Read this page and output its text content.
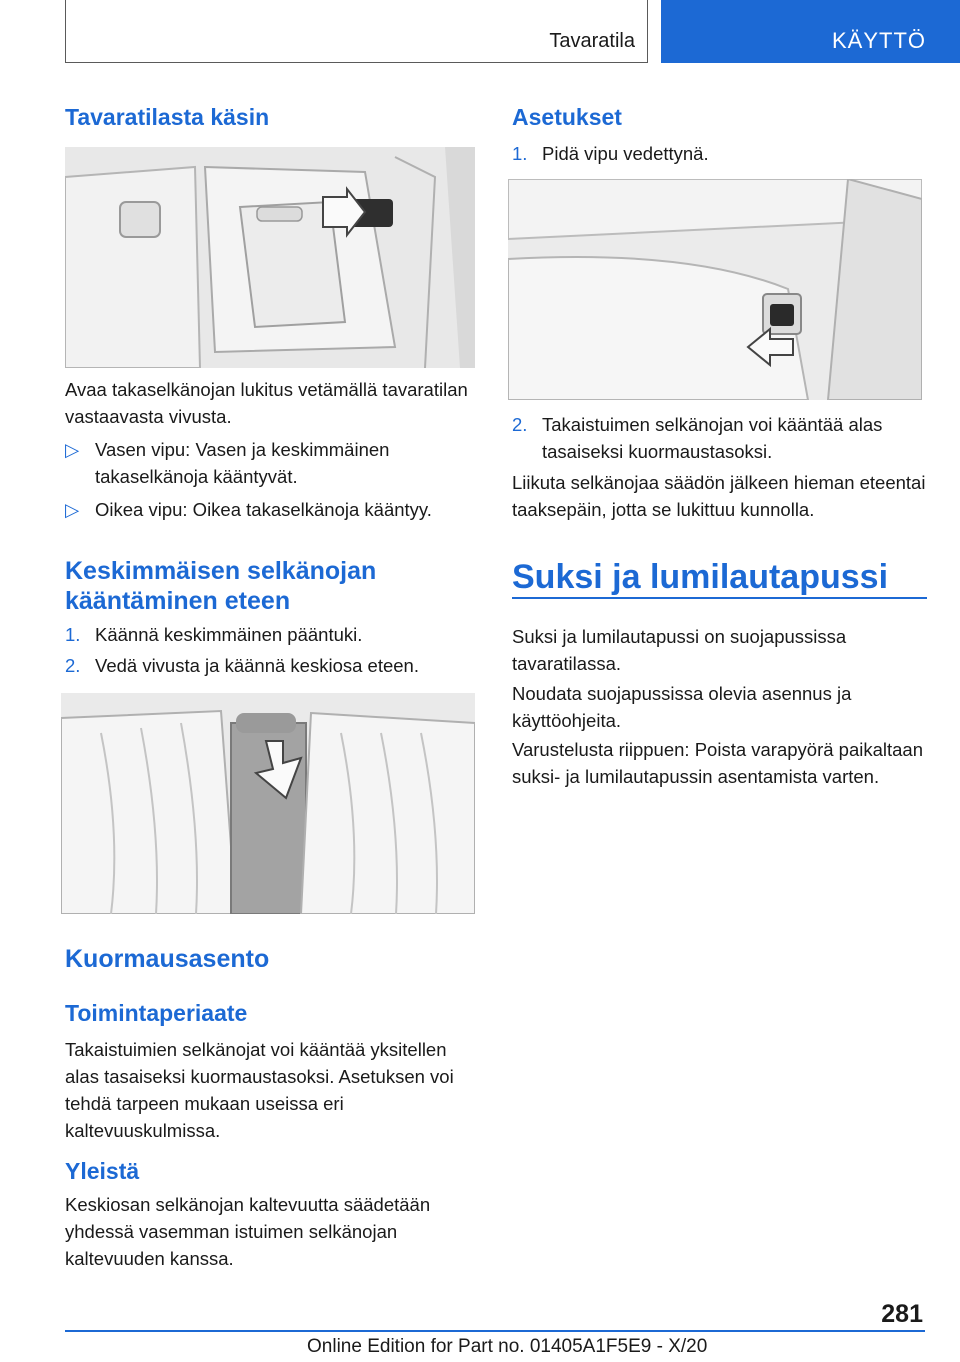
Tavaratila	KÄYTTÖ
Tavaratilasta käsin

Avaa takaselkänojan lukitus vetämällä tavaratilan vastaavasta vivusta.

▷ Vasen vipu: Vasen ja keskimmäinen takaselkänoja kääntyvät.
▷ Oikea vipu: Oikea takaselkänoja kääntyy.
Keskimmäisen selkänojan kääntäminen eteen
1. Käännä keskimmäinen pääntuki.
2. Vedä vivusta ja käännä keskiosa eteen.
Kuormausasento
Toimintaperiaate

Takaistuimien selkänojat voi kääntää yksitellen alas tasaiseksi kuormaustasoksi. Asetuksen voi tehdä tarpeen mukaan useissa eri kaltevuuskulmissa.

Yleistä

Keskiosan selkänojan kaltevuutta säädetään yhdessä vasemman istuimen selkänojan kaltevuuden kanssa.

Asetukset
1. Pidä vipu vedettynä.
2. Takaistuimen selkänojan voi kääntää alas tasaiseksi kuormaustasoksi.

Liikuta selkänojaa säädön jälkeen hieman eteentai taaksepäin, jotta se lukittuu kunnolla.

Suksi ja lumilautapussi

Suksi ja lumilautapussi on suojapussissa tavaratilassa.

Noudata suojapussissa olevia asennus ja käyttöohjeita.

Varustelusta riippuen: Poista varapyörä paikaltaan suksi- ja lumilautapussin asentamista varten.

281
Online Edition for Part no. 01405A1F5E9 - X/20
